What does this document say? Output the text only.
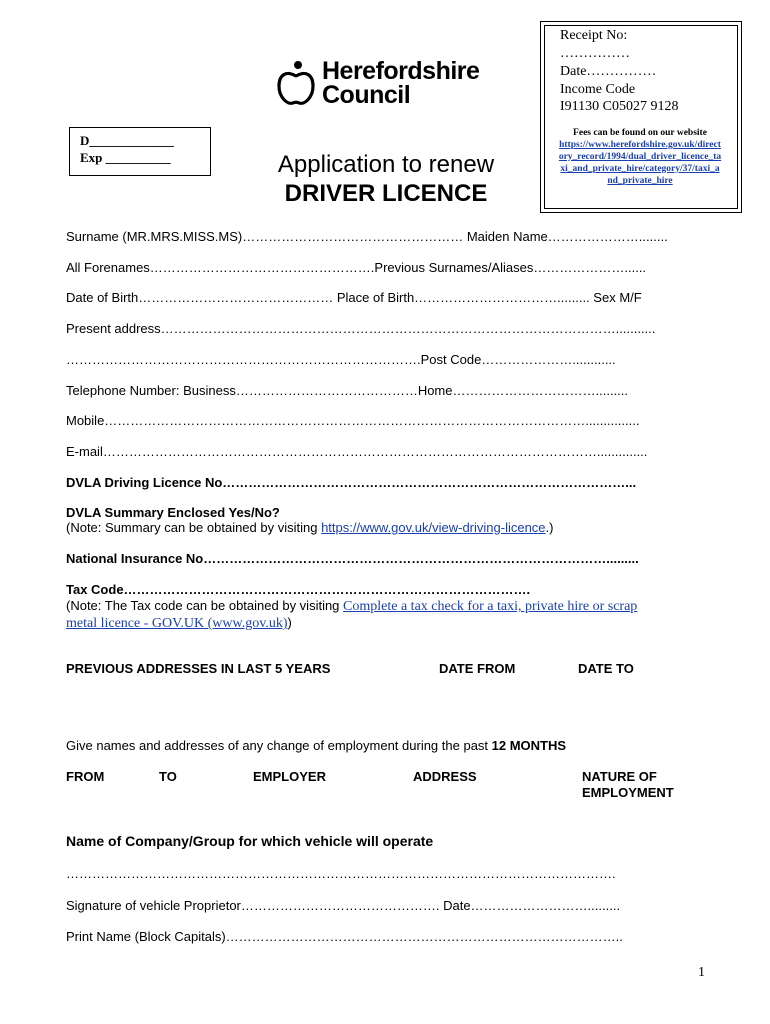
Herefordshire
Council
Receipt No:
……………
Date……………
Income Code
I91130 C05027 9128
Fees can be found on our website
https://www.herefordshire.gov.uk/direct
ory_record/1994/dual_driver_licence_ta
xi_and_private_hire/category/37/taxi_a
nd_private_hire
D_____________
Exp __________	Application to renew
DRIVER LICENCE
Surname (MR.MRS.MISS.MS)…………………………………………… Maiden Name…………………........
All Forenames…………………………………………….Previous Surnames/Aliases…………………......
Date of Birth……………………………………… Place of Birth……………………………......... Sex M/F
Present address……………………………………………………………………………………………...........
……………………………………………………………………….Post Code…………………............
Telephone Number: Business……………………………………Home…………………………….........
Mobile…………………………………………………………………………………………………...............
E-mail……………………………………………………………………………………………………..............
DVLA Driving Licence No…………………………………………………………………………………...
DVLA Summary Enclosed Yes/No?
(Note: Summary can be obtained by visiting https://www.gov.uk/view-driving-licence.)
National Insurance No………………………………………………………………………………….........
Tax Code………………………………………………………………………………….
(Note: The Tax code can be obtained by visiting Complete a tax check for a taxi, private hire or scrap
metal licence - GOV.UK (www.gov.uk))
PREVIOUS ADDRESSES IN LAST 5 YEARS	DATE FROM	DATE TO
Give names and addresses of any change of employment during the past 12 MONTHS
FROM	TO	EMPLOYER	ADDRESS	NATURE OF
EMPLOYMENT
Name of Company/Group for which vehicle will operate
……………………………………………………………………………………………………………….
Signature of vehicle Proprietor………………………………………. Date……………………….........
Print Name (Block Capitals)………………………………………………………………………………..
1
